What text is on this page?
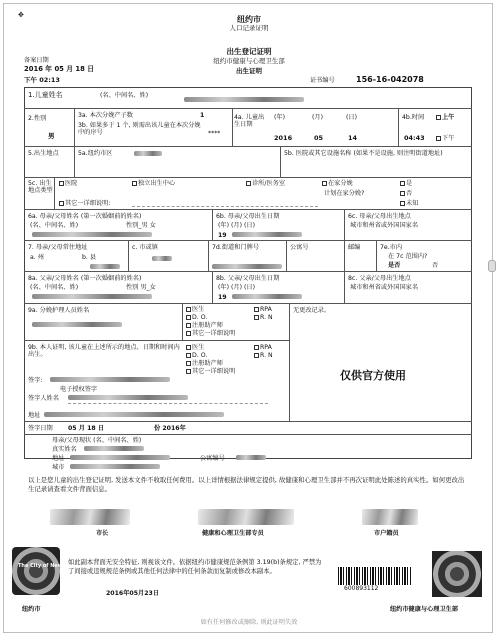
✥	纽约市
人口记录证明
出生登记证明
纽约市健康与心理卫生部
出生证明
备案日期
2016 年 05 月 18 日
下午 02:13	证书编号	156-16-042078
1.儿童姓名	(名、中间名、姓)
2.性别
男
3a. 本次分娩产子数	1
3b. 如果多于 1 个, 则需出该儿童在本次分娩中的序号	****
4a. 儿童出生日期
(年)	(月)	(日)
2016	05	14
4b.时间
04:43
上午
下午
5.出生地点	5a.纽约市区	5b. 医院或其它设施名称 (如果不是设施, 则注明街道地址)
5c. 出生地点类型
医院	独立出生中心	诊所/医务室	在家分娩
计划在家分娩?
是
否
未知
其它一详细说明:
6a. 母亲/父母姓名 (第一次婚姻前的姓名)
(名、中间名、姓)	性别_男 女
6b. 母亲/父母出生日期
(年) (月) (日)
19
6c. 母亲/父母出生地点
城市和州省或外国国家名
7. 母亲/父母常住地址
a. 州	b. 县
c. 市或镇	7d.街道和门牌号	公寓号	邮编	7e.市内
在 7c 范围内?
是否	否
8a. 父亲/父母姓名 (第一次婚姻前的姓名)
(名、中间名、姓)	性别 男_女
8b. 父亲/父母出生日期
(年) (月) (日)
19
8c. 父亲/父母出生地点
城市和州省或外国国家名
9a. 分娩护理人员姓名	医生
D. O.
注册助产师
其它一详细说明
RPA
R. N
无更改记录。
9b. 本人证明, 该儿童在上述所示的地点、日期和时间内出生。
医生
D. O.
注册助产师
其它一详细说明
RPA
R. N
签字:
电子授权签字
仅供官方使用
签字人姓名
地址
签字日期 05 月 18 日	份 2016年
母亲/父母现状 (名、中间名、姓)
真实姓名
地址	公寓编号
城市
以上是您儿童的出生登记证明, 发送本文件不收取任何费用。以上详情根据法律规定提供, 故健康和心理卫生部并不再次证明此处陈述的真实性。如何更改出生记录请查看文件背面信息。
市长	健康和心理卫生部专员	市户籍员
The City of New York
如此副本背面无安全特征, 则视该文件。依据纽约市健康规范条例第 3.19(b)条规定, 严禁为了间接或违规规范条例或其他任何法律中的任何条款而复制或修改本副本。
2016年05月23日
600893112
纽约市	纽约市健康与心理卫生部
如有任何修改或擦除, 则此证明失效
